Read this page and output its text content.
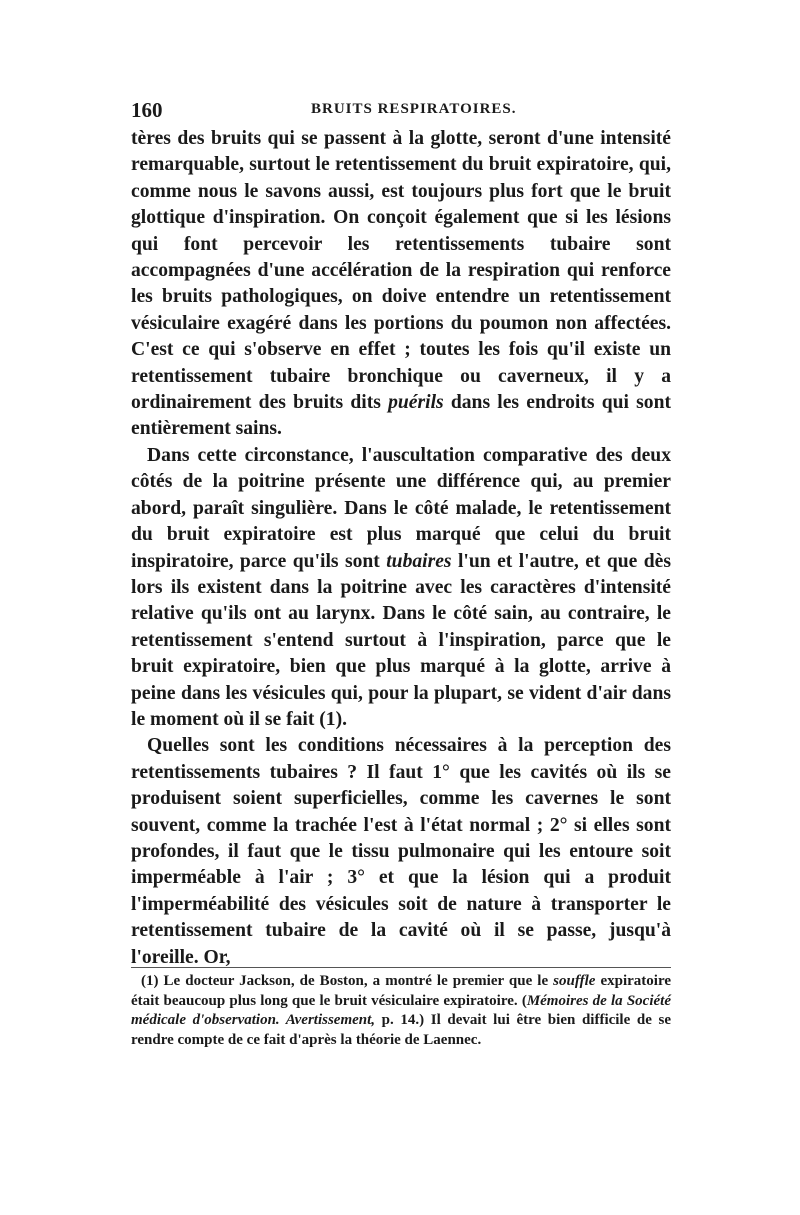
160	BRUITS RESPIRATOIRES.

tères des bruits qui se passent à la glotte, seront d'une intensité remarquable, surtout le retentissement du bruit expiratoire, qui, comme nous le savons aussi, est toujours plus fort que le bruit glottique d'inspiration. On conçoit également que si les lésions qui font percevoir les retentissements tubaire sont accompagnées d'une accélération de la respiration qui renforce les bruits pathologiques, on doive entendre un retentissement vésiculaire exagéré dans les portions du poumon non affectées. C'est ce qui s'observe en effet ; toutes les fois qu'il existe un retentissement tubaire bronchique ou caverneux, il y a ordinairement des bruits dits puérils dans les endroits qui sont entièrement sains.

Dans cette circonstance, l'auscultation comparative des deux côtés de la poitrine présente une différence qui, au premier abord, paraît singulière. Dans le côté malade, le retentissement du bruit expiratoire est plus marqué que celui du bruit inspiratoire, parce qu'ils sont tubaires l'un et l'autre, et que dès lors ils existent dans la poitrine avec les caractères d'intensité relative qu'ils ont au larynx. Dans le côté sain, au contraire, le retentissement s'entend surtout à l'inspiration, parce que le bruit expiratoire, bien que plus marqué à la glotte, arrive à peine dans les vésicules qui, pour la plupart, se vident d'air dans le moment où il se fait (1).

Quelles sont les conditions nécessaires à la perception des retentissements tubaires ? Il faut 1° que les cavités où ils se produisent soient superficielles, comme les cavernes le sont souvent, comme la trachée l'est à l'état normal ; 2° si elles sont profondes, il faut que le tissu pulmonaire qui les entoure soit imperméable à l'air ; 3° et que la lésion qui a produit l'imperméabilité des vésicules soit de nature à transporter le retentissement tubaire de la cavité où il se passe, jusqu'à l'oreille. Or,

(1) Le docteur Jackson, de Boston, a montré le premier que le souffle expiratoire était beaucoup plus long que le bruit vésiculaire expiratoire. (Mémoires de la Société médicale d'observation. Avertissement, p. 14.) Il devait lui être bien difficile de se rendre compte de ce fait d'après la théorie de Laennec.
